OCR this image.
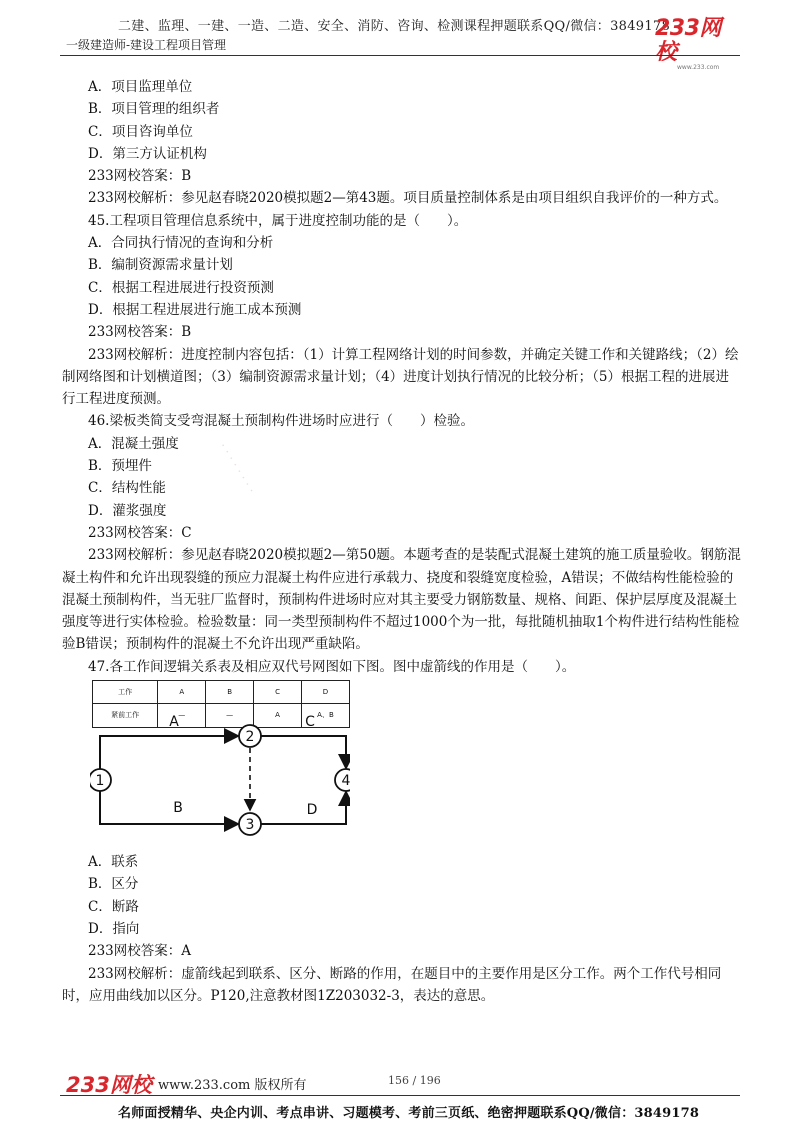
二建、监理、一建、一造、二造、安全、消防、咨询、检测课程押题联系QQ/微信：3849178
一级建造师-建设工程项目管理
233网校
www.233.com
· · · · · · · ·

A．项目监理单位

B．项目管理的组织者

C．项目咨询单位

D．第三方认证机构

233网校答案：B

233网校解析：参见赵春晓2020模拟题2—第43题。项目质量控制体系是由项目组织自我评价的一种方式。

45.工程项目管理信息系统中，属于进度控制功能的是（　　）。

A．合同执行情况的查询和分析

B．编制资源需求量计划

C．根据工程进展进行投资预测

D．根据工程进展进行施工成本预测

233网校答案：B

233网校解析：进度控制内容包括：（1）计算工程网络计划的时间参数，并确定关键工作和关键路线；（2）绘制网络图和计划横道图；（3）编制资源需求量计划；（4）进度计划执行情况的比较分析；（5）根据工程的进展进行工程进度预测。

46.梁板类简支受弯混凝土预制构件进场时应进行（　　）检验。

A．混凝土强度

B．预埋件

C．结构性能

D．灌浆强度

233网校答案：C

233网校解析：参见赵春晓2020模拟题2—第50题。本题考查的是装配式混凝土建筑的施工质量验收。钢筋混凝土构件和允许出现裂缝的预应力混凝土构件应进行承载力、挠度和裂缝宽度检验，A错误；不做结构性能检验的混凝土预制构件，当无驻厂监督时，预制构件进场时应对其主要受力钢筋数量、规格、间距、保护层厚度及混凝土强度等进行实体检验。检验数量：同一类型预制构件不超过1000个为一批，每批随机抽取1个构件进行结构性能检验B错误；预制构件的混凝土不允许出现严重缺陷。

47.各工作间逻辑关系表及相应双代号网图如下图。图中虚箭线的作用是（　　）。

工作	A	B	C	D
紧前工作	—	—	A	A、B
1
2
3
4
A
B
C
D

A．联系

B．区分

C．断路

D．指向

233网校答案：A

233网校解析：虚箭线起到联系、区分、断路的作用，在题目中的主要作用是区分工作。两个工作代号相同时，应用曲线加以区分。P120,注意教材图1Z203032-3，表达的意思。

233网校 www.233.com 版权所有	156 / 196
名师面授精华、央企内训、考点串讲、习题模考、考前三页纸、绝密押题联系QQ/微信：3849178
